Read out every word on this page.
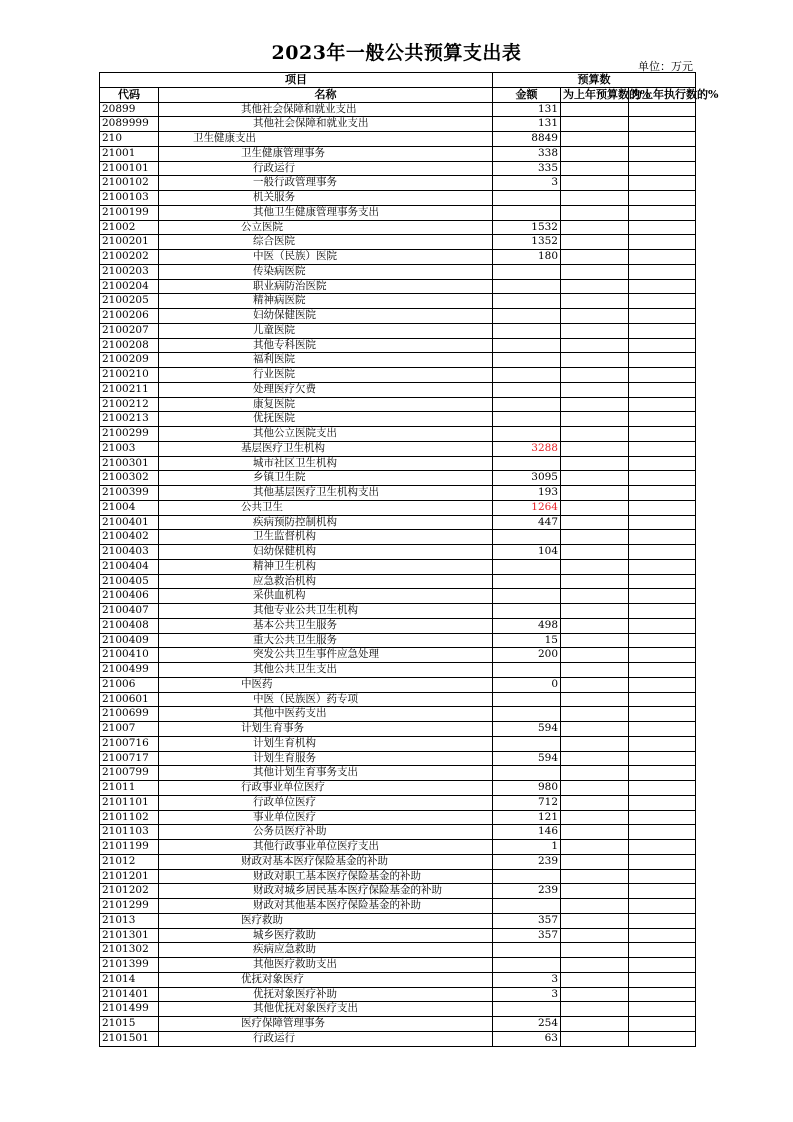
2023年一般公共预算支出表
单位：万元
项目		预算数		
代码	名称	金额	为上年预算数的%	为上年执行数的%
20899	其他社会保障和就业支出	131		
2089999	其他社会保障和就业支出	131		
210	卫生健康支出	8849		
21001	卫生健康管理事务	338		
2100101	行政运行	335		
2100102	一般行政管理事务	3		
2100103	机关服务			
2100199	其他卫生健康管理事务支出			
21002	公立医院	1532		
2100201	综合医院	1352		
2100202	中医（民族）医院	180		
2100203	传染病医院			
2100204	职业病防治医院			
2100205	精神病医院			
2100206	妇幼保健医院			
2100207	儿童医院			
2100208	其他专科医院			
2100209	福利医院			
2100210	行业医院			
2100211	处理医疗欠费			
2100212	康复医院			
2100213	优抚医院			
2100299	其他公立医院支出			
21003	基层医疗卫生机构	3288		
2100301	城市社区卫生机构			
2100302	乡镇卫生院	3095		
2100399	其他基层医疗卫生机构支出	193		
21004	公共卫生	1264		
2100401	疾病预防控制机构	447		
2100402	卫生监督机构			
2100403	妇幼保健机构	104		
2100404	精神卫生机构			
2100405	应急救治机构			
2100406	采供血机构			
2100407	其他专业公共卫生机构			
2100408	基本公共卫生服务	498		
2100409	重大公共卫生服务	15		
2100410	突发公共卫生事件应急处理	200		
2100499	其他公共卫生支出			
21006	中医药	0		
2100601	中医（民族医）药专项			
2100699	其他中医药支出			
21007	计划生育事务	594		
2100716	计划生育机构			
2100717	计划生育服务	594		
2100799	其他计划生育事务支出			
21011	行政事业单位医疗	980		
2101101	行政单位医疗	712		
2101102	事业单位医疗	121		
2101103	公务员医疗补助	146		
2101199	其他行政事业单位医疗支出	1		
21012	财政对基本医疗保险基金的补助	239		
2101201	财政对职工基本医疗保险基金的补助			
2101202	财政对城乡居民基本医疗保险基金的补助	239		
2101299	财政对其他基本医疗保险基金的补助			
21013	医疗救助	357		
2101301	城乡医疗救助	357		
2101302	疾病应急救助			
2101399	其他医疗救助支出			
21014	优抚对象医疗	3		
2101401	优抚对象医疗补助	3		
2101499	其他优抚对象医疗支出			
21015	医疗保障管理事务	254		
2101501	行政运行	63		
